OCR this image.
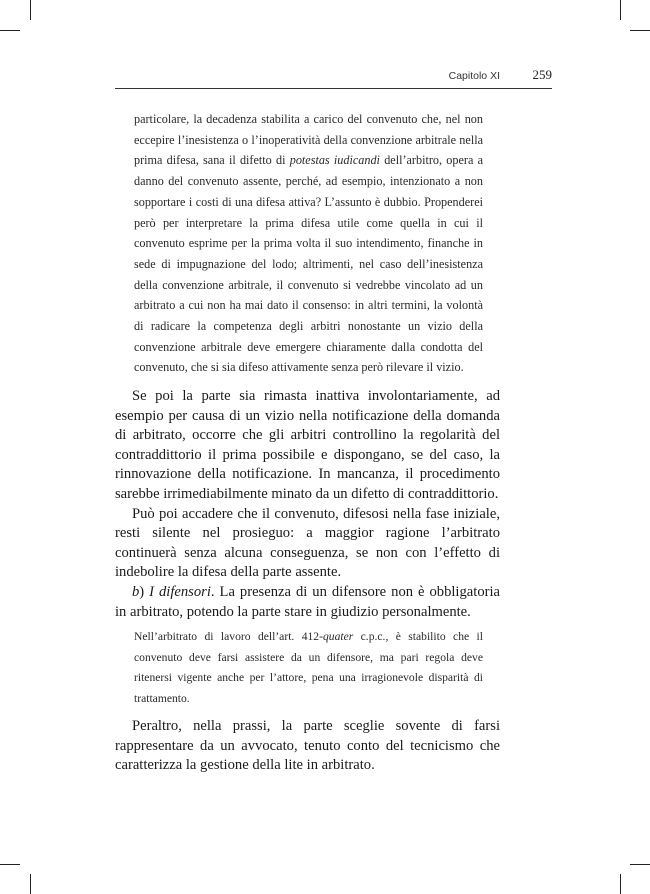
Capitolo XI	259

particolare, la decadenza stabilita a carico del convenuto che, nel non eccepire l’inesistenza o l’inoperatività della convenzione arbitrale nella prima difesa, sana il difetto di potestas iudicandi dell’arbitro, opera a danno del convenuto assente, perché, ad esempio, intenzionato a non sopportare i costi di una difesa attiva? L’assunto è dubbio. Propenderei però per interpretare la prima difesa utile come quella in cui il convenuto esprime per la prima volta il suo intendimento, finanche in sede di impugnazione del lodo; altrimenti, nel caso dell’inesistenza della convenzione arbitrale, il convenuto si vedrebbe vincolato ad un arbitrato a cui non ha mai dato il consenso: in altri termini, la volontà di radicare la competenza degli arbitri nonostante un vizio della convenzione arbitrale deve emergere chiaramente dalla condotta del convenuto, che si sia difeso attivamente senza però rilevare il vizio.

Se poi la parte sia rimasta inattiva involontariamente, ad esempio per causa di un vizio nella notificazione della domanda di arbitrato, occorre che gli arbitri controllino la regolarità del contraddittorio il prima possibile e dispongano, se del caso, la rinnovazione della notificazione. In mancanza, il procedimento sarebbe irrimediabilmente minato da un difetto di contraddittorio.

Può poi accadere che il convenuto, difesosi nella fase iniziale, resti silente nel prosieguo: a maggior ragione l’arbitrato continuerà senza alcuna conseguenza, se non con l’effetto di indebolire la difesa della parte assente.

b) I difensori. La presenza di un difensore non è obbligatoria in arbitrato, potendo la parte stare in giudizio personalmente.

Nell’arbitrato di lavoro dell’art. 412-quater c.p.c., è stabilito che il convenuto deve farsi assistere da un difensore, ma pari regola deve ritenersi vigente anche per l’attore, pena una irragionevole disparità di trattamento.

Peraltro, nella prassi, la parte sceglie sovente di farsi rappresentare da un avvocato, tenuto conto del tecnicismo che caratterizza la gestione della lite in arbitrato.
